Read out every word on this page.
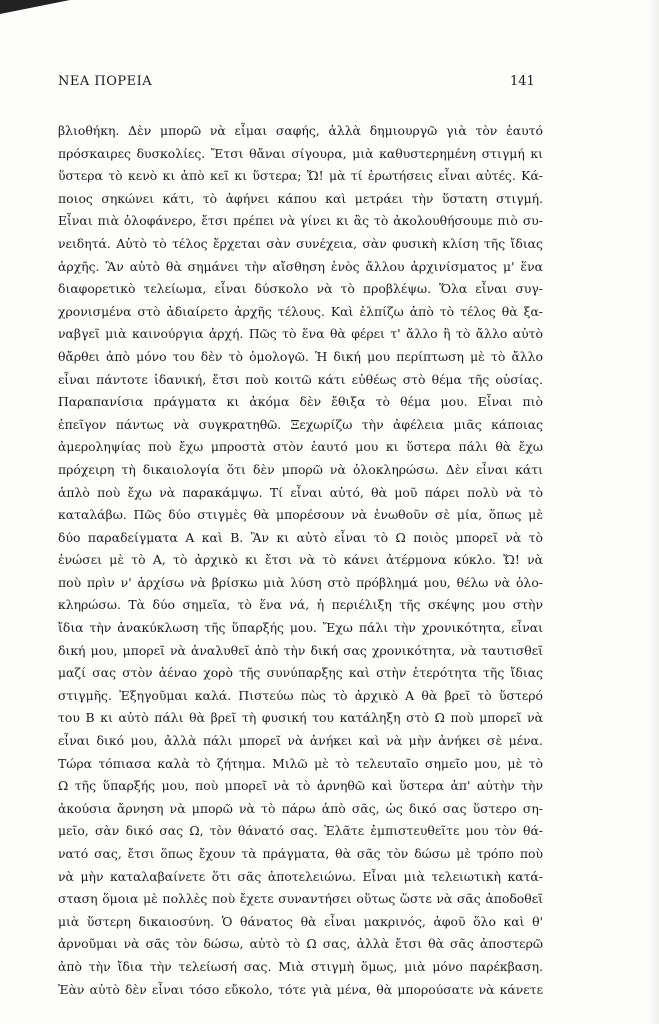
ΝΕΑ ΠΟΡΕΙΑ	141
βλιοθήκη. Δὲν μπορῶ νὰ εἶμαι σαφής, ἀλλὰ δημιουργῶ γιὰ τὸν ἑαυτό
πρόσκαιρες δυσκολίες. Ἔτσι θἄναι σίγουρα, μιὰ καθυστερημένη στιγμή κι
ὕστερα τὸ κενὸ κι ἀπὸ κεῖ κι ὕστερα; Ὤ! μὰ τί ἐρωτήσεις εἶναι αὐτές. Κά-
ποιος σηκώνει κάτι, τὸ ἀφήνει κάπου καὶ μετράει τὴν ὕστατη στιγμή.
Εἶναι πιὰ ὁλοφάνερο, ἔτσι πρέπει νὰ γίνει κι ἂς τὸ ἀκολουθήσουμε πιὸ συ-
νειδητά. Αὐτὸ τὸ τέλος ἔρχεται σὰν συνέχεια, σὰν φυσικὴ κλίση τῆς ἴδιας
ἀρχῆς. Ἂν αὐτὸ θὰ σημάνει τὴν αἴσθηση ἑνὸς ἄλλου ἀρχινίσματος μ' ἕνα
διαφορετικὸ τελείωμα, εἶναι δύσκολο νὰ τὸ προβλέψω. Ὅλα εἶναι συγ-
χρονισμένα στὸ ἀδιαίρετο ἀρχῆς τέλους. Καὶ ἐλπίζω ἀπὸ τὸ τέλος θὰ ξα-
ναβγεῖ μιὰ καινούργια ἀρχή. Πῶς τὸ ἕνα θὰ φέρει τ' ἄλλο ἢ τὸ ἄλλο αὐτὸ
θἄρθει ἀπὸ μόνο του δὲν τὸ ὁμολογῶ. Ἡ δική μου περίπτωση μὲ τὸ ἄλλο
εἶναι πάντοτε ἰδανική, ἔτσι ποὺ κοιτῶ κάτι εὐθέως στὸ θέμα τῆς οὐσίας.
Παραπανίσια πράγματα κι ἀκόμα δὲν ἔθιξα τὸ θέμα μου. Εἶναι πιὸ
ἐπεῖγον πάντως νὰ συγκρατηθῶ. Ξεχωρίζω τὴν ἀφέλεια μιᾶς κάποιας
ἀμεροληψίας ποὺ ἔχω μπροστὰ στὸν ἑαυτό μου κι ὕστερα πάλι θὰ ἔχω
πρόχειρη τὴ δικαιολογία ὅτι δὲν μπορῶ νὰ ὁλοκληρώσω. Δὲν εἶναι κάτι
ἁπλὸ ποὺ ἔχω νὰ παρακάμψω. Τί εἶναι αὐτό, θὰ μοῦ πάρει πολὺ νὰ τὸ
καταλάβω. Πῶς δύο στιγμὲς θὰ μπορέσουν νὰ ἑνωθοῦν σὲ μία, ὅπως μὲ
δύο παραδείγματα Α καὶ Β. Ἂν κι αὐτὸ εἶναι τὸ Ω ποιὸς μπορεῖ νὰ τὸ
ἑνώσει μὲ τὸ Α, τὸ ἀρχικὸ κι ἔτσι νὰ τὸ κάνει ἀτέρμονα κύκλο. Ὤ! νὰ
ποὺ πρὶν ν' ἀρχίσω νὰ βρίσκω μιὰ λύση στὸ πρόβλημά μου, θέλω νὰ ὁλο-
κληρώσω. Τὰ δύο σημεῖα, τὸ ἕνα νά, ἡ περιέλιξη τῆς σκέψης μου στὴν
ἴδια τὴν ἀνακύκλωση τῆς ὕπαρξής μου. Ἔχω πάλι τὴν χρονικότητα, εἶναι
δική μου, μπορεῖ νὰ ἀναλυθεῖ ἀπὸ τὴν δική σας χρονικότητα, νὰ ταυτισθεῖ
μαζί σας στὸν ἀέναο χορὸ τῆς συνύπαρξης καὶ στὴν ἑτερότητα τῆς ἴδιας
στιγμῆς. Ἐξηγοῦμαι καλά. Πιστεύω πὼς τὸ ἀρχικὸ Α θὰ βρεῖ τὸ ὕστερό
του Β κι αὐτὸ πάλι θὰ βρεῖ τὴ φυσική του κατάληξη στὸ Ω ποὺ μπορεῖ νὰ
εἶναι δικό μου, ἀλλὰ πάλι μπορεῖ νὰ ἀνήκει καὶ νὰ μὴν ἀνήκει σὲ μένα.
Τώρα τόπιασα καλὰ τὸ ζήτημα. Μιλῶ μὲ τὸ τελευταῖο σημεῖο μου, μὲ τὸ
Ω τῆς ὕπαρξής μου, ποὺ μπορεῖ νὰ τὸ ἀρνηθῶ καὶ ὕστερα ἀπ' αὐτὴν τὴν
ἀκούσια ἄρνηση νὰ μπορῶ νὰ τὸ πάρω ἀπὸ σᾶς, ὡς δικό σας ὕστερο ση-
μεῖο, σὰν δικό σας Ω, τὸν θάνατό σας. Ἐλᾶτε ἐμπιστευθεῖτε μου τὸν θά-
νατό σας, ἔτσι ὅπως ἔχουν τὰ πράγματα, θὰ σᾶς τὸν δώσω μὲ τρόπο ποὺ
νὰ μὴν καταλαβαίνετε ὅτι σᾶς ἀποτελειώνω. Εἶναι μιὰ τελειωτικὴ κατά-
σταση ὅμοια μὲ πολλὲς ποὺ ἔχετε συναντήσει οὕτως ὥστε νὰ σᾶς ἀποδοθεῖ
μιὰ ὕστερη δικαιοσύνη. Ὁ θάνατος θὰ εἶναι μακρινός, ἀφοῦ ὅλο καὶ θ'
ἀρνοῦμαι νὰ σᾶς τὸν δώσω, αὐτὸ τὸ Ω σας, ἀλλὰ ἔτσι θὰ σᾶς ἀποστερῶ
ἀπὸ τὴν ἴδια τὴν τελείωσή σας. Μιὰ στιγμὴ ὅμως, μιὰ μόνο παρέκβαση.
Ἐὰν αὐτὸ δὲν εἶναι τόσο εὔκολο, τότε γιὰ μένα, θὰ μπορούσατε νὰ κάνετε
